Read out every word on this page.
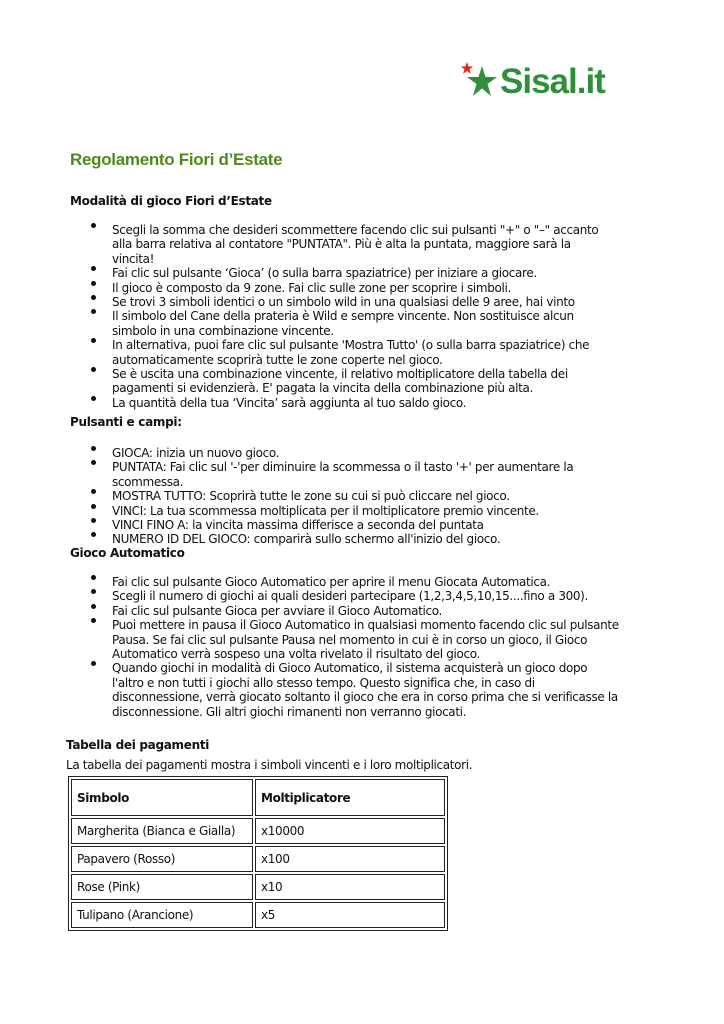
Sisal.it
Regolamento Fiori d’Estate
Modalità di gioco Fiori d’Estate
Scegli la somma che desideri scommettere facendo clic sui pulsanti "+" o "–" accanto alla barra relativa al contatore "PUNTATA". Più è alta la puntata, maggiore sarà la vincita!
Fai clic sul pulsante ‘Gioca’ (o sulla barra spaziatrice) per iniziare a giocare.
Il gioco è composto da 9 zone. Fai clic sulle zone per scoprire i simboli.
Se trovi 3 simboli identici o un simbolo wild in una qualsiasi delle 9 aree, hai vinto
Il simbolo del Cane della prateria è Wild e sempre vincente. Non sostituisce alcun simbolo in una combinazione vincente.
In alternativa, puoi fare clic sul pulsante 'Mostra Tutto' (o sulla barra spaziatrice) che automaticamente scoprirà tutte le zone coperte nel gioco.
Se è uscita una combinazione vincente, il relativo moltiplicatore della tabella dei pagamenti si evidenzierà. E' pagata la vincita della combinazione più alta.
La quantità della tua ‘Vincita’ sarà aggiunta al tuo saldo gioco.
Pulsanti e campi:
GIOCA: inizia un nuovo gioco.
PUNTATA: Fai clic sul '-'per diminuire la scommessa o il tasto '+' per aumentare la scommessa.
MOSTRA TUTTO: Scoprirà tutte le zone su cui si può cliccare nel gioco.
VINCI: La tua scommessa moltiplicata per il moltiplicatore premio vincente.
VINCI FINO A: la vincita massima differisce a seconda del puntata
NUMERO ID DEL GIOCO: comparirà sullo schermo all'inizio del gioco.
Gioco Automatico
Fai clic sul pulsante Gioco Automatico per aprire il menu Giocata Automatica.
Scegli il numero di giochi ai quali desideri partecipare (1,2,3,4,5,10,15....fino a 300).
Fai clic sul pulsante Gioca per avviare il Gioco Automatico.
Puoi mettere in pausa il Gioco Automatico in qualsiasi momento facendo clic sul pulsante Pausa. Se fai clic sul pulsante Pausa nel momento in cui è in corso un gioco, il Gioco Automatico verrà sospeso una volta rivelato il risultato del gioco.
Quando giochi in modalità di Gioco Automatico, il sistema acquisterà un gioco dopo l'altro e non tutti i giochi allo stesso tempo. Questo significa che, in caso di disconnessione, verrà giocato soltanto il gioco che era in corso prima che si verificasse la disconnessione. Gli altri giochi rimanenti non verranno giocati.
Tabella dei pagamenti

La tabella dei pagamenti mostra i simboli vincenti e i loro moltiplicatori.

Simbolo	Moltiplicatore
Margherita (Bianca e Gialla)	x10000
Papavero (Rosso)	x100
Rose (Pink)	x10
Tulipano (Arancione)	x5
